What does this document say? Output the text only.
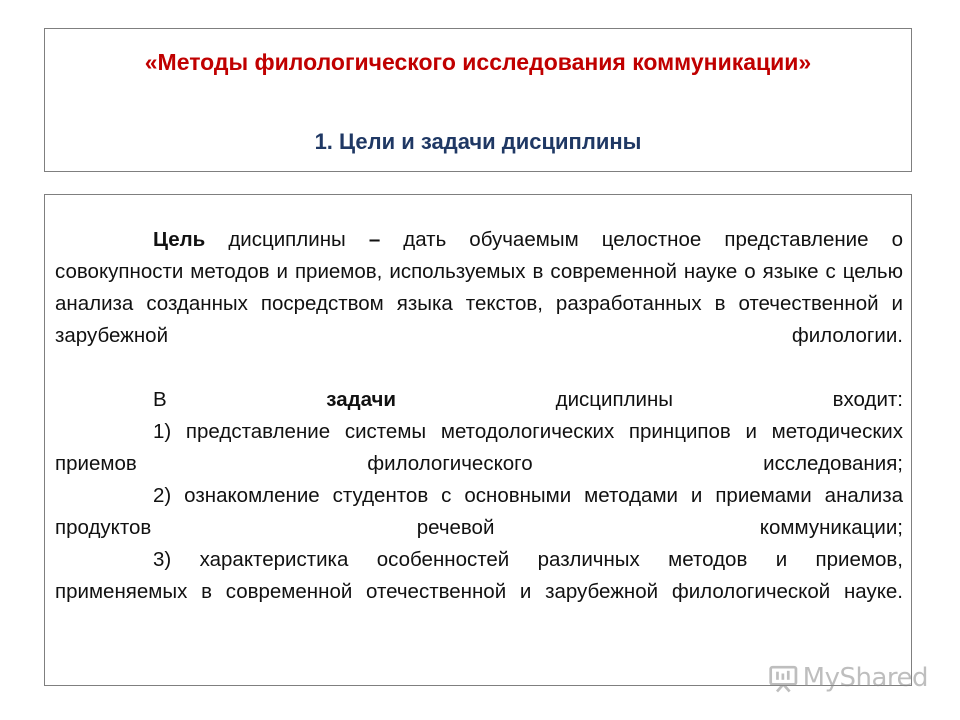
«Методы филологического исследования коммуникации»
1. Цели и задачи дисциплины

Цель дисциплины – дать обучаемым целостное представление о совокупности методов и приемов, используемых в современной науке о языке с целью анализа созданных посредством языка текстов, разработанных в отечественной и зарубежной филологии.

В задачи дисциплины входит:

1) представление системы методологических принципов и методических приемов филологического исследования;

2) ознакомление студентов с основными методами и приемами анализа продуктов речевой коммуникации;

3) характеристика особенностей различных методов и приемов, применяемых в современной отечественной и зарубежной филологической науке.

MyShared
